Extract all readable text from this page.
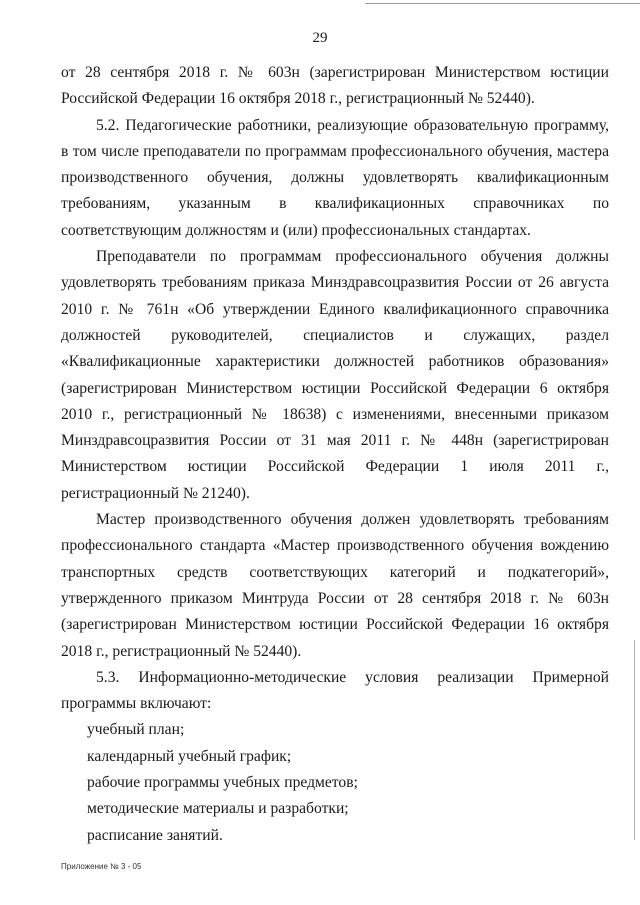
29

от 28 сентября 2018 г. № 603н (зарегистрирован Министерством юстиции Российской Федерации 16 октября 2018 г., регистрационный № 52440).

5.2. Педагогические работники, реализующие образовательную программу, в том числе преподаватели по программам профессионального обучения, мастера производственного обучения, должны удовлетворять квалификационным требованиям, указанным в квалификационных справочниках по соответствующим должностям и (или) профессиональных стандартах.

Преподаватели по программам профессионального обучения должны удовлетворять требованиям приказа Минздравсоцразвития России от 26 августа 2010 г. № 761н «Об утверждении Единого квалификационного справочника должностей руководителей, специалистов и служащих, раздел «Квалификационные характеристики должностей работников образования» (зарегистрирован Министерством юстиции Российской Федерации 6 октября 2010 г., регистрационный № 18638) с изменениями, внесенными приказом Минздравсоцразвития России от 31 мая 2011 г. № 448н (зарегистрирован Министерством юстиции Российской Федерации 1 июля 2011 г., регистрационный № 21240).

Мастер производственного обучения должен удовлетворять требованиям профессионального стандарта «Мастер производственного обучения вождению транспортных средств соответствующих категорий и подкатегорий», утвержденного приказом Минтруда России от 28 сентября 2018 г. № 603н (зарегистрирован Министерством юстиции Российской Федерации 16 октября 2018 г., регистрационный № 52440).

5.3. Информационно-методические условия реализации Примерной программы включают:

учебный план;

календарный учебный график;

рабочие программы учебных предметов;

методические материалы и разработки;

расписание занятий.

Приложение № 3 - 05
